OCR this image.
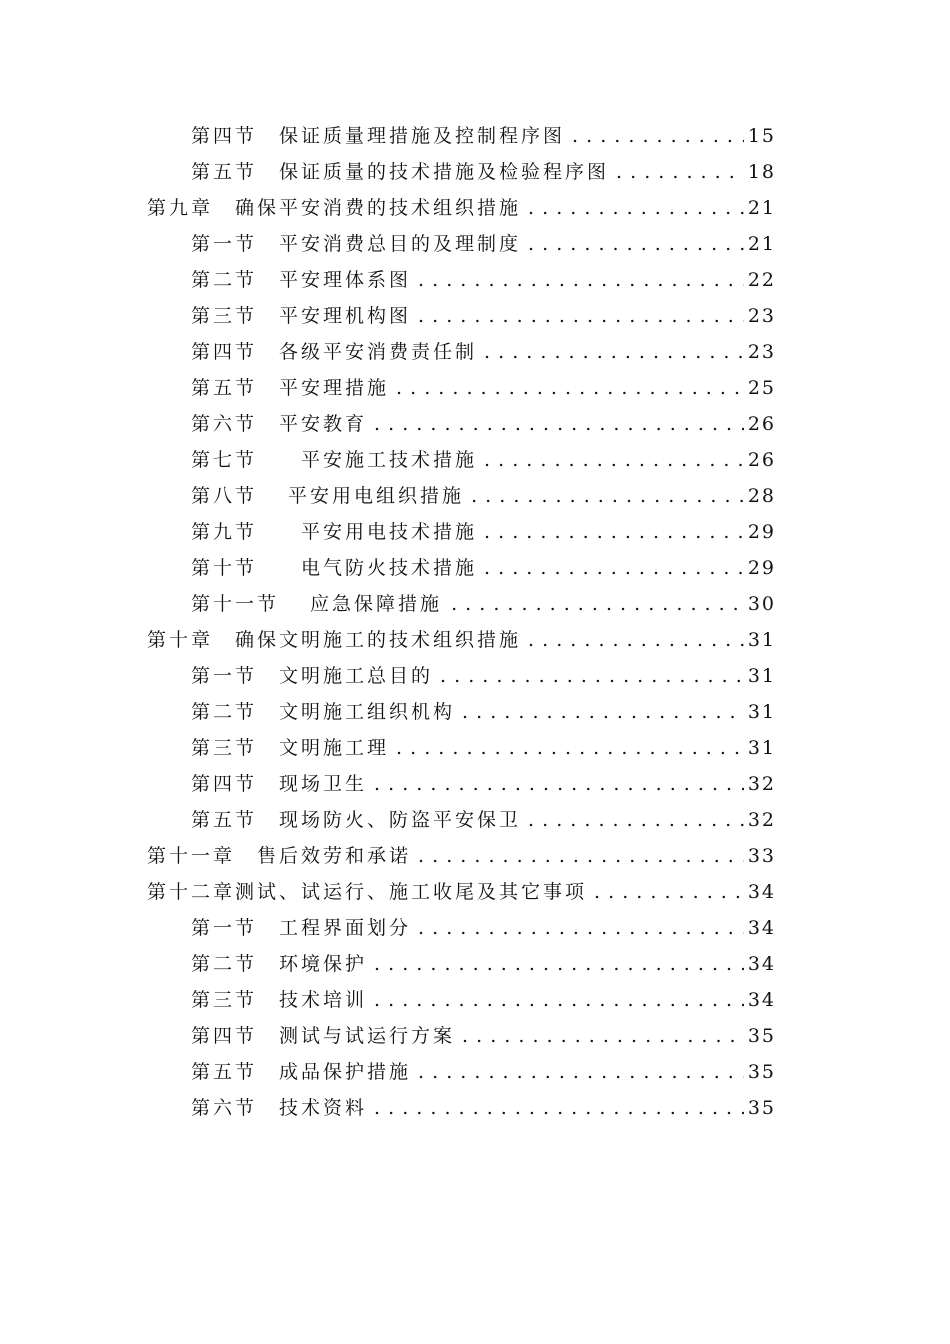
第四节　保证质量理措施及控制程序图 . . .	15
第五节　保证质量的技术措施及检验程序图 . . .	18
第九章　确保平安消费的技术组织措施 . . .	21
第一节　平安消费总目的及理制度 . . .	21
第二节　平安理体系图 . . .	22
第三节　平安理机构图 . . .	23
第四节　各级平安消费责任制 . . .	23
第五节　平安理措施 . . .	25
第六节　平安教育 . . .	26
第七节　　平安施工技术措施 . . .	26
第八节　 平安用电组织措施 . . .	28
第九节　　平安用电技术措施 . . .	29
第十节　　电气防火技术措施 . . .	29
第十一节　 应急保障措施 . . .	30
第十章　确保文明施工的技术组织措施 . . .	31
第一节　文明施工总目的 . . .	31
第二节　文明施工组织机构 . . .	31
第三节　文明施工理 . . .	31
第四节　现场卫生 . . .	32
第五节　现场防火、防盗平安保卫 . . .	32
第十一章　售后效劳和承诺 . . .	33
第十二章测试、试运行、施工收尾及其它事项 . . .	34
第一节　工程界面划分 . . .	34
第二节　环境保护 . . .	34
第三节　技术培训 . . .	34
第四节　测试与试运行方案 . . .	35
第五节　成品保护措施 . . .	35
第六节　技术资料 . . .	35
